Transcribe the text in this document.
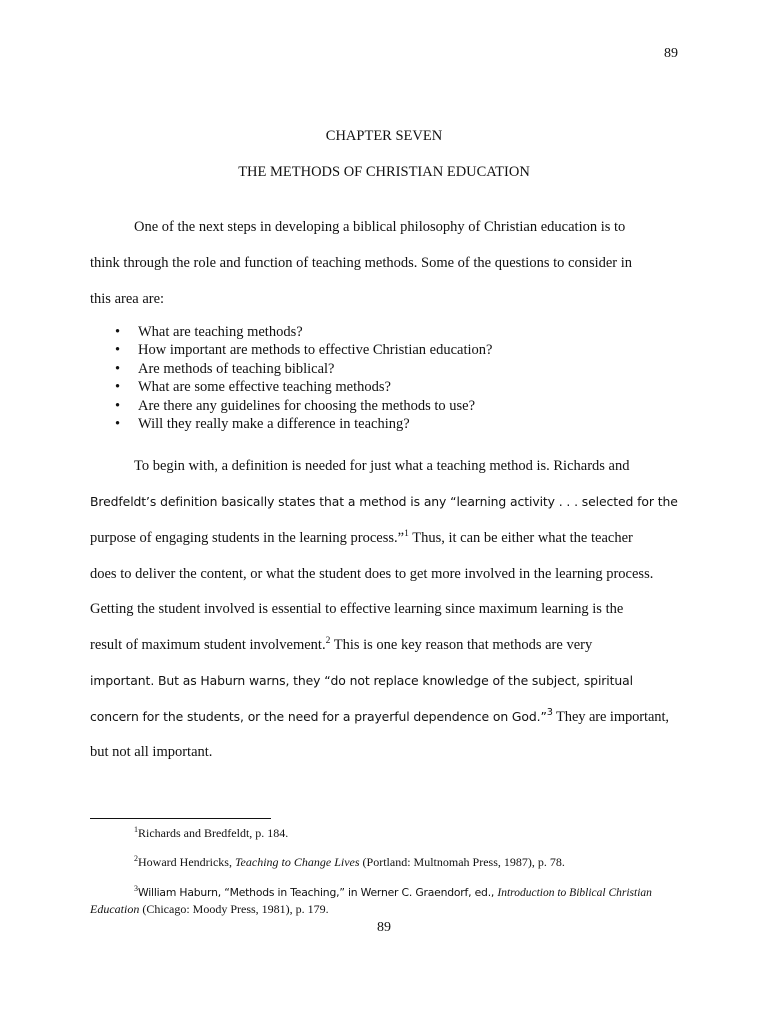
89
CHAPTER SEVEN
THE METHODS OF CHRISTIAN EDUCATION
One of the next steps in developing a biblical philosophy of Christian education is to
think through the role and function of teaching methods. Some of the questions to consider in
this area are:
• What are teaching methods?
• How important are methods to effective Christian education?
• Are methods of teaching biblical?
• What are some effective teaching methods?
• Are there any guidelines for choosing the methods to use?
• Will they really make a difference in teaching?
To begin with, a definition is needed for just what a teaching method is. Richards and
Bredfeldt’s definition basically states that a method is any “learning activity . . . selected for the
purpose of engaging students in the learning process.”$^1$ Thus, it can be either what the teacher
does to deliver the content, or what the student does to get more involved in the learning process.
Getting the student involved is essential to effective learning since maximum learning is the
result of maximum student involvement.$^2$ This is one key reason that methods are very
important. But as Haburn warns, they “do not replace knowledge of the subject, spiritual
concern for the students, or the need for a prayerful dependence on God.”$^3$ They are important,
but not all important.
$^1$Richards and Bredfeldt, p. 184.
$^2$Howard Hendricks, Teaching to Change Lives (Portland: Multnomah Press, 1987), p. 78.
$^3$William Haburn, “Methods in Teaching,” in Werner C. Graendorf, ed., Introduction to Biblical Christian
Education (Chicago: Moody Press, 1981), p. 179.
89
